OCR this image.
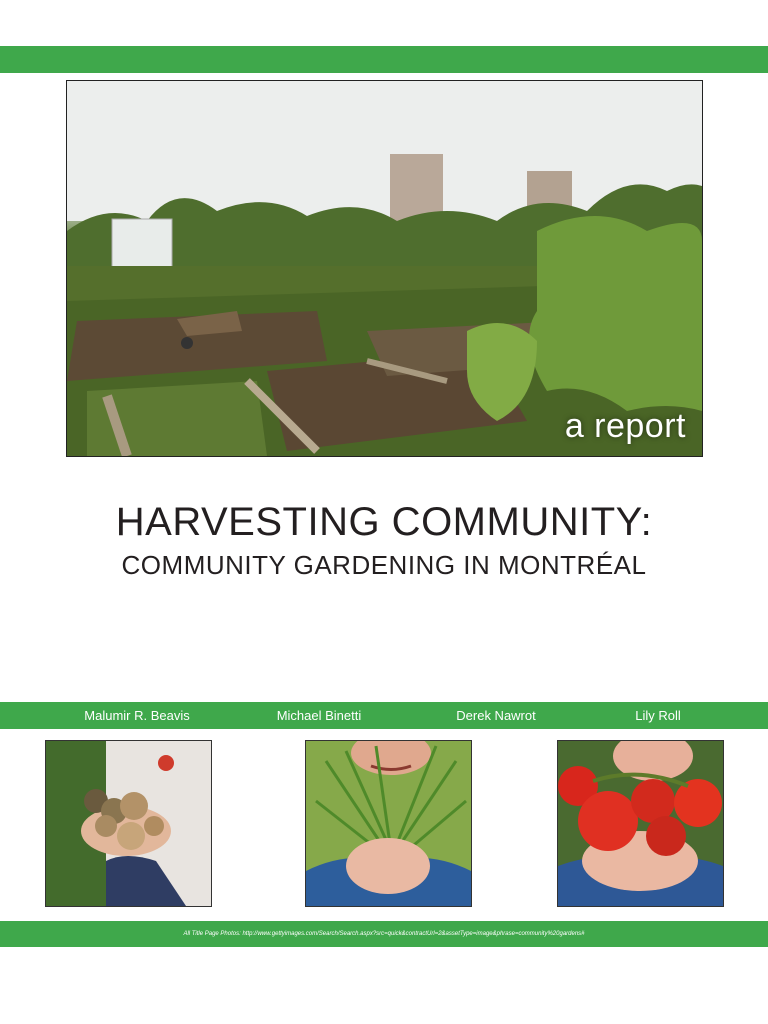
a report
HARVESTING COMMUNITY:
COMMUNITY GARDENING IN MONTRÉAL
Malumir R. Beavis	Michael Binetti	Derek Nawrot	Lily Roll
All Title Page Photos: http://www.gettyimages.com/Search/Search.aspx?src=quick&contractUrl=2&assetType=image&phrase=community%20gardens#
